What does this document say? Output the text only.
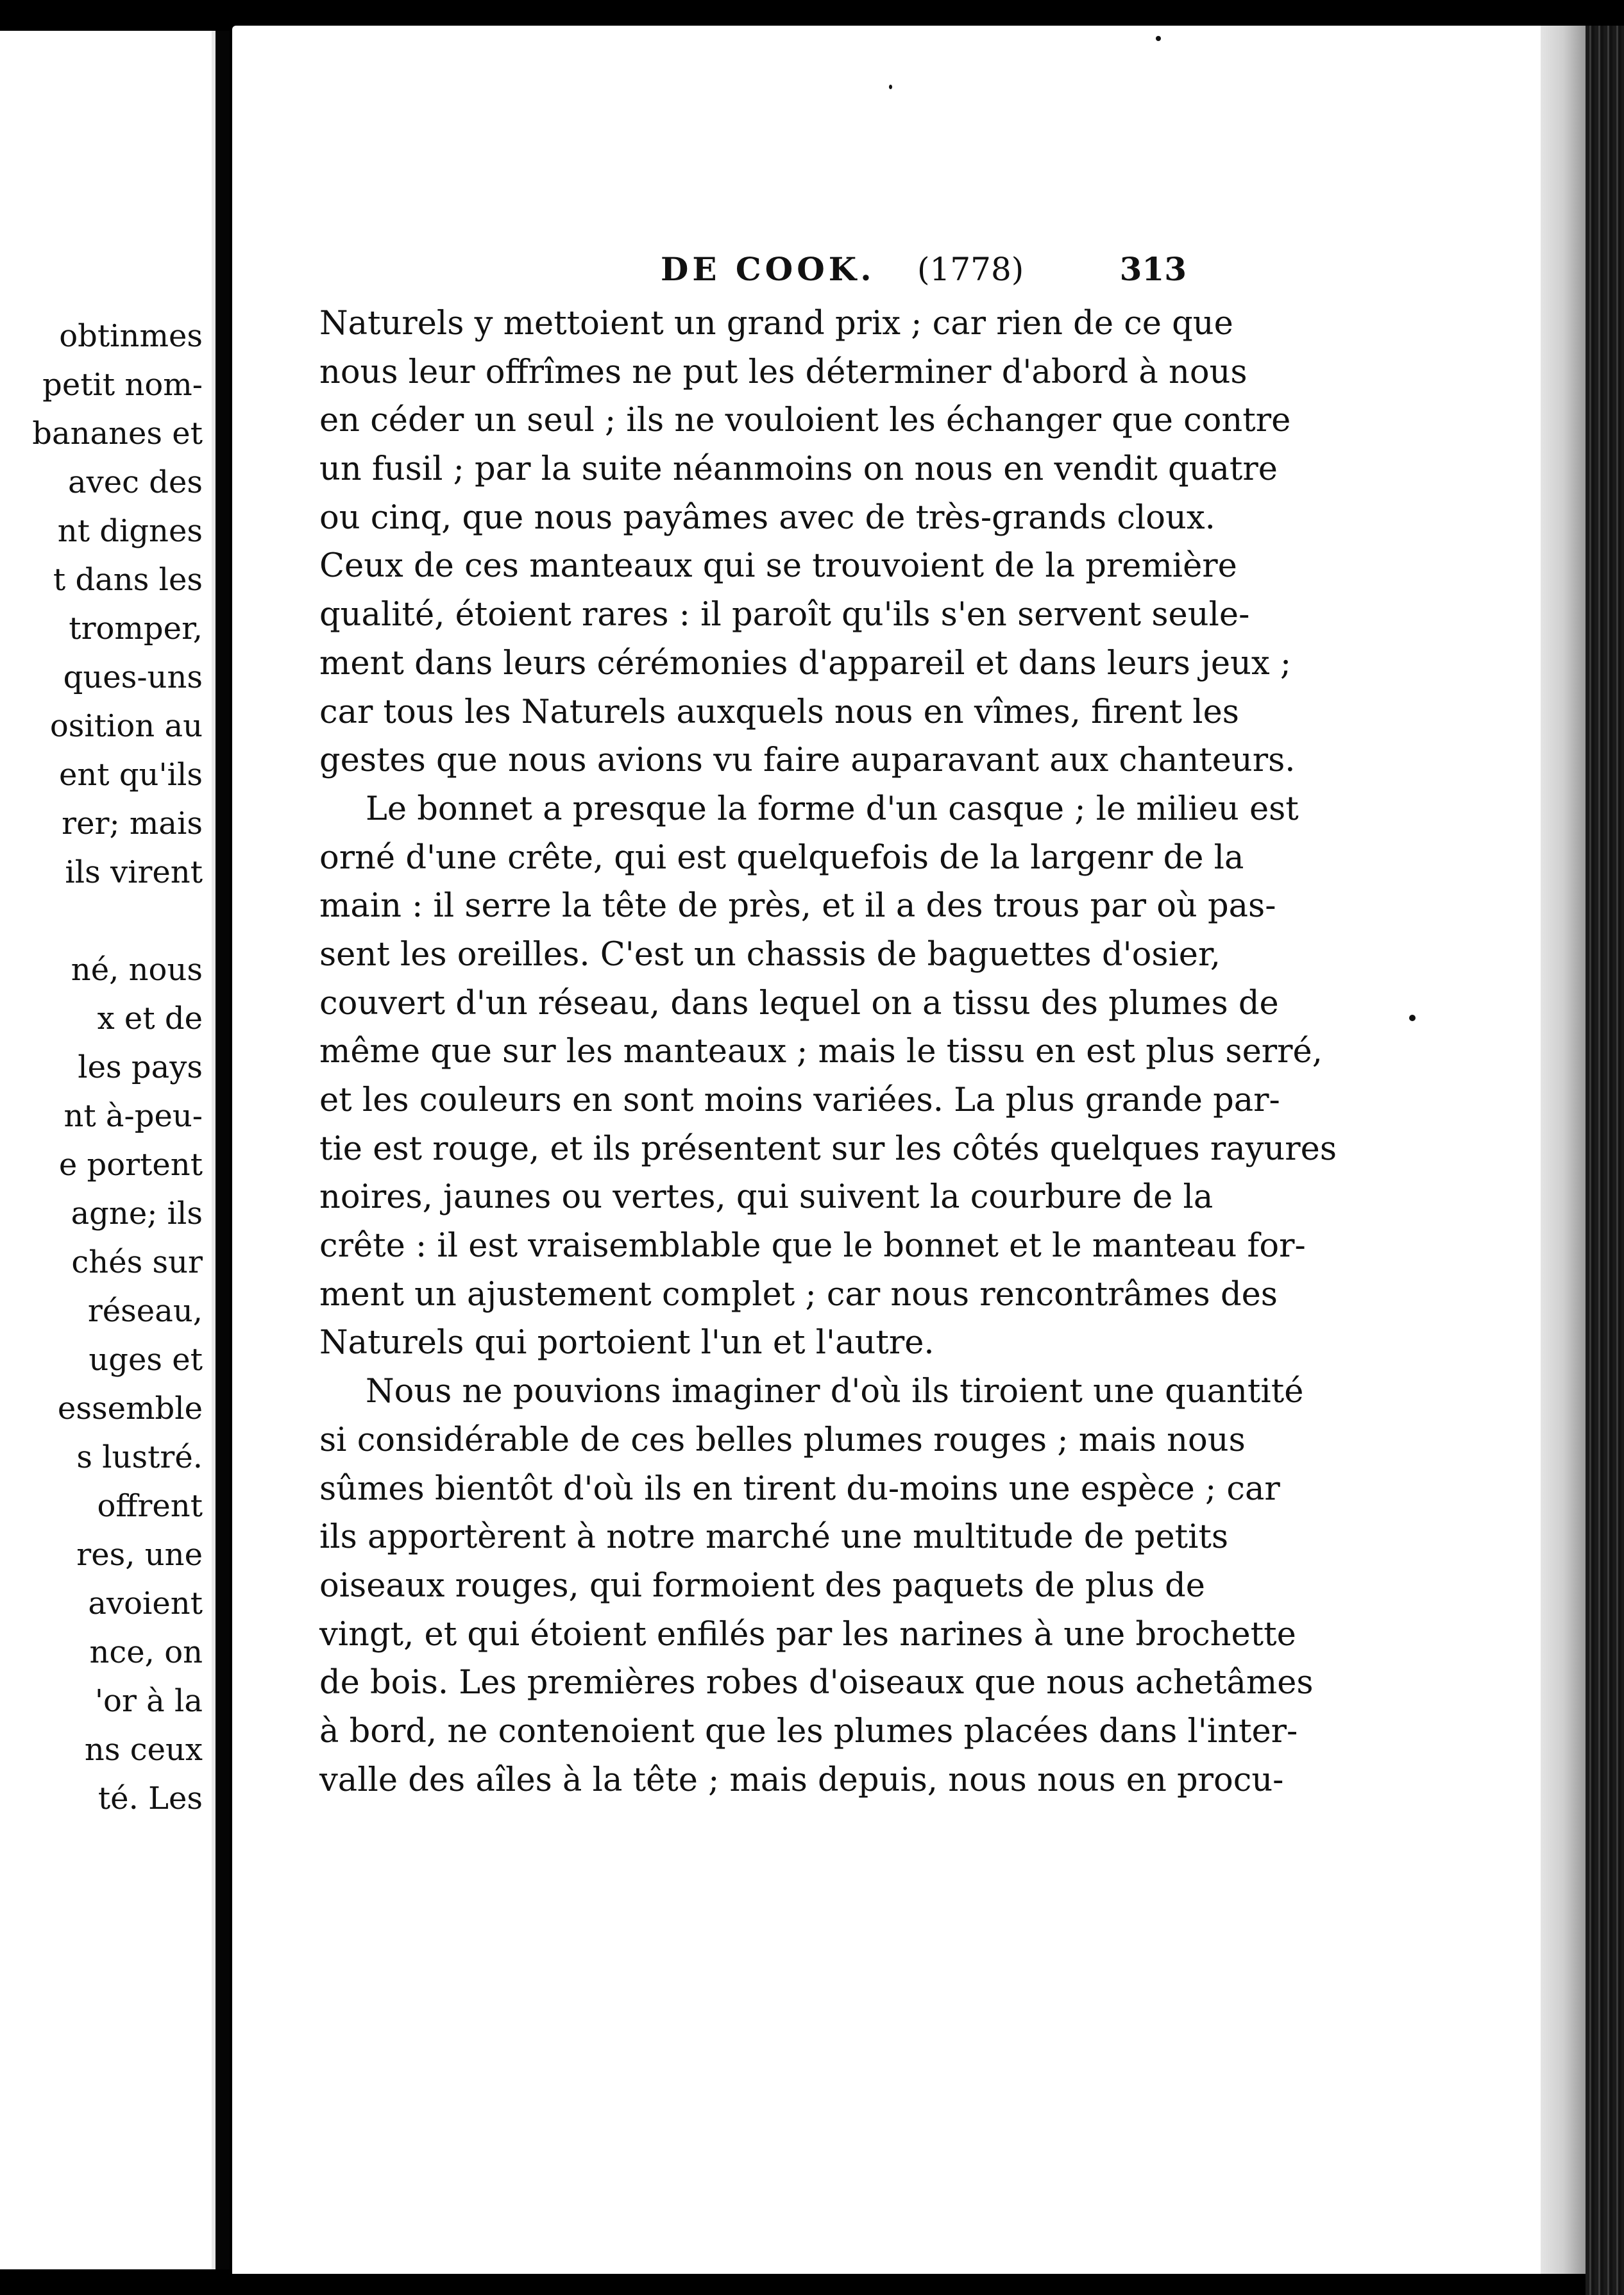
obtinmes
petit nom-
bananes et
avec des
nt dignes
t dans les
tromper,
ques-uns
osition au
ent qu'ils
rer; mais
ils virent
né, nous
x et de
les pays
nt à-peu-
e portent
agne; ils
chés sur
réseau,
uges et
essemble
s lustré.
offrent
res, une
avoient
nce, on
'or à la
ns ceux
té. Les
DE COOK. (1778)	313
Naturels y mettoient un grand prix ; car rien de ce que
nous leur offrîmes ne put les déterminer d'abord à nous
en céder un seul ; ils ne vouloient les échanger que contre
un fusil ; par la suite néanmoins on nous en vendit quatre
ou cinq, que nous payâmes avec de très-grands cloux.
Ceux de ces manteaux qui se trouvoient de la première
qualité, étoient rares : il paroît qu'ils s'en servent seule-
ment dans leurs cérémonies d'appareil et dans leurs jeux ;
car tous les Naturels auxquels nous en vîmes, firent les
gestes que nous avions vu faire auparavant aux chanteurs.
Le bonnet a presque la forme d'un casque ; le milieu est
orné d'une crête, qui est quelquefois de la largenr de la
main : il serre la tête de près, et il a des trous par où pas-
sent les oreilles. C'est un chassis de baguettes d'osier,
couvert d'un réseau, dans lequel on a tissu des plumes de
même que sur les manteaux ; mais le tissu en est plus serré,
et les couleurs en sont moins variées. La plus grande par-
tie est rouge, et ils présentent sur les côtés quelques rayures
noires, jaunes ou vertes, qui suivent la courbure de la
crête : il est vraisemblable que le bonnet et le manteau for-
ment un ajustement complet ; car nous rencontrâmes des
Naturels qui portoient l'un et l'autre.
Nous ne pouvions imaginer d'où ils tiroient une quantité
si considérable de ces belles plumes rouges ; mais nous
sûmes bientôt d'où ils en tirent du-moins une espèce ; car
ils apportèrent à notre marché une multitude de petits
oiseaux rouges, qui formoient des paquets de plus de
vingt, et qui étoient enfilés par les narines à une brochette
de bois. Les premières robes d'oiseaux que nous achetâmes
à bord, ne contenoient que les plumes placées dans l'inter-
valle des aîles à la tête ; mais depuis, nous nous en procu-
